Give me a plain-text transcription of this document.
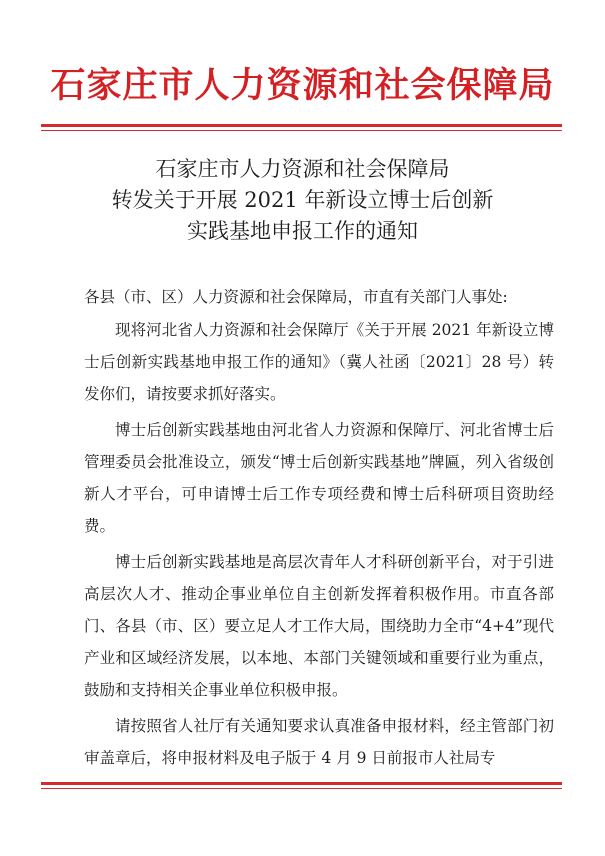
石家庄市人力资源和社会保障局
石家庄市人力资源和社会保障局
转发关于开展 2021 年新设立博士后创新
实践基地申报工作的通知

各县（市、区）人力资源和社会保障局，市直有关部门人事处:

现将河北省人力资源和社会保障厅《关于开展 2021 年新设立博士后创新实践基地申报工作的通知》（冀人社函〔2021〕28 号）转发你们，请按要求抓好落实。

博士后创新实践基地由河北省人力资源和保障厅、河北省博士后管理委员会批准设立，颁发“博士后创新实践基地”牌匾，列入省级创新人才平台，可申请博士后工作专项经费和博士后科研项目资助经费。

博士后创新实践基地是高层次青年人才科研创新平台，对于引进高层次人才、推动企事业单位自主创新发挥着积极作用。市直各部门、各县（市、区）要立足人才工作大局，围绕助力全市“4+4”现代产业和区域经济发展，以本地、本部门关键领域和重要行业为重点，鼓励和支持相关企事业单位积极申报。

请按照省人社厅有关通知要求认真准备申报材料，经主管部门初审盖章后，将申报材料及电子版于 4 月 9 日前报市人社局专
